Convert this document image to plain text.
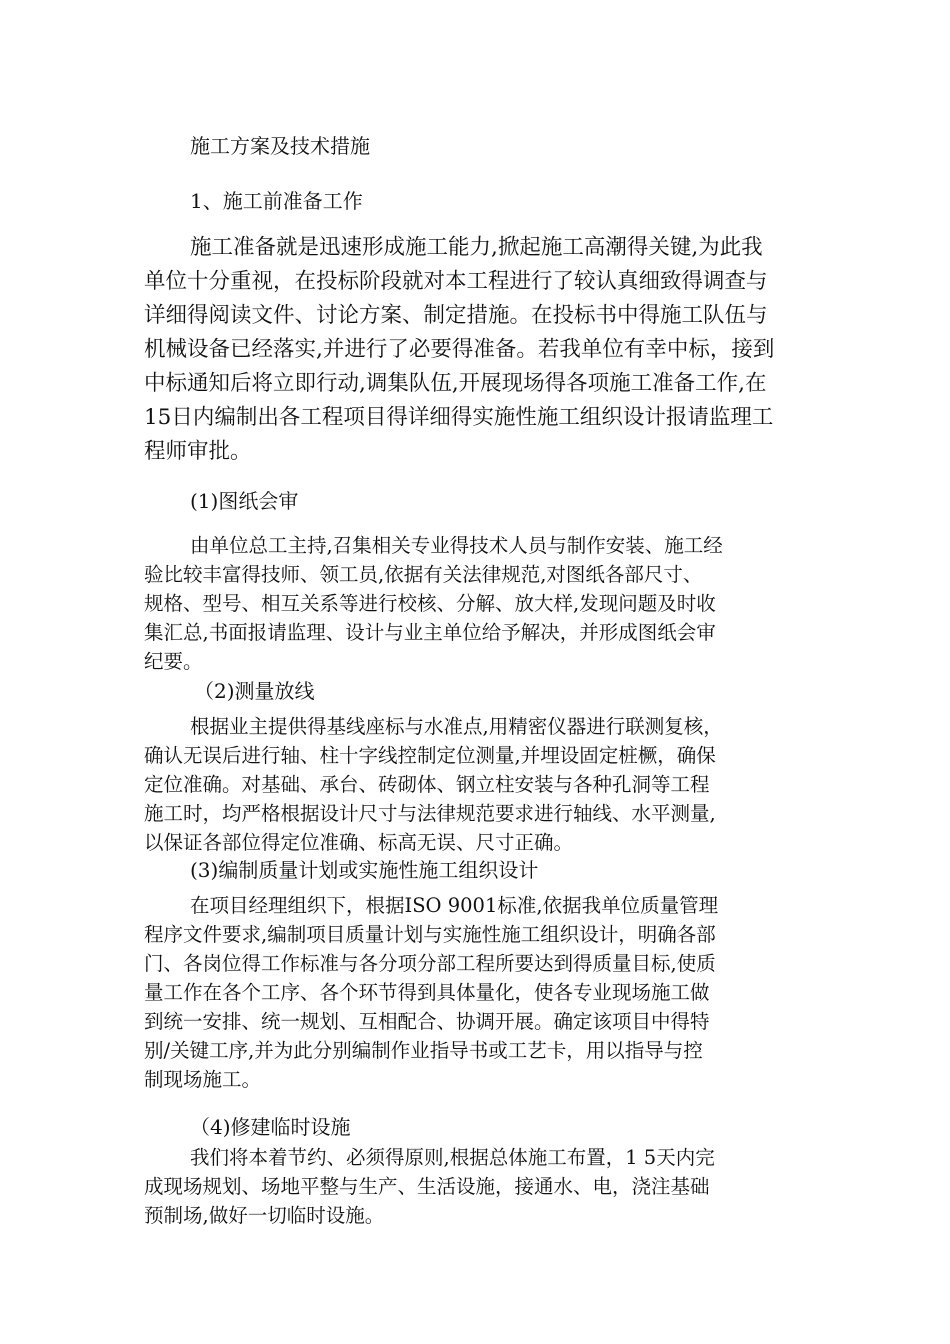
施工方案及技术措施
1、施工前准备工作
施工准备就是迅速形成施工能力,掀起施工高潮得关键,为此我
单位十分重视，在投标阶段就对本工程进行了较认真细致得调查与
详细得阅读文件、讨论方案、制定措施。在投标书中得施工队伍与
机械设备已经落实,并进行了必要得准备。若我单位有幸中标，接到
中标通知后将立即行动,调集队伍,开展现场得各项施工准备工作,在
15日内编制出各工程项目得详细得实施性施工组织设计报请监理工
程师审批。
(1)图纸会审
由单位总工主持,召集相关专业得技术人员与制作安装、施工经
验比较丰富得技师、领工员,依据有关法律规范,对图纸各部尺寸、
规格、型号、相互关系等进行校核、分解、放大样,发现问题及时收
集汇总,书面报请监理、设计与业主单位给予解决，并形成图纸会审
纪要。
（2)测量放线
根据业主提供得基线座标与水准点,用精密仪器进行联测复核，
确认无误后进行轴、柱十字线控制定位测量,并埋设固定桩橛，确保
定位准确。对基础、承台、砖砌体、钢立柱安装与各种孔洞等工程
施工时，均严格根据设计尺寸与法律规范要求进行轴线、水平测量,
以保证各部位得定位准确、标高无误、尺寸正确。
(3)编制质量计划或实施性施工组织设计
在项目经理组织下，根据ISO 9001标准,依据我单位质量管理
程序文件要求,编制项目质量计划与实施性施工组织设计，明确各部
门、各岗位得工作标准与各分项分部工程所要达到得质量目标,使质
量工作在各个工序、各个环节得到具体量化，使各专业现场施工做
到统一安排、统一规划、互相配合、协调开展。确定该项目中得特
别/关键工序,并为此分别编制作业指导书或工艺卡，用以指导与控
制现场施工。
（4)修建临时设施
我们将本着节约、必须得原则,根据总体施工布置，1 5天内完
成现场规划、场地平整与生产、生活设施，接通水、电，浇注基础
预制场,做好一切临时设施。
